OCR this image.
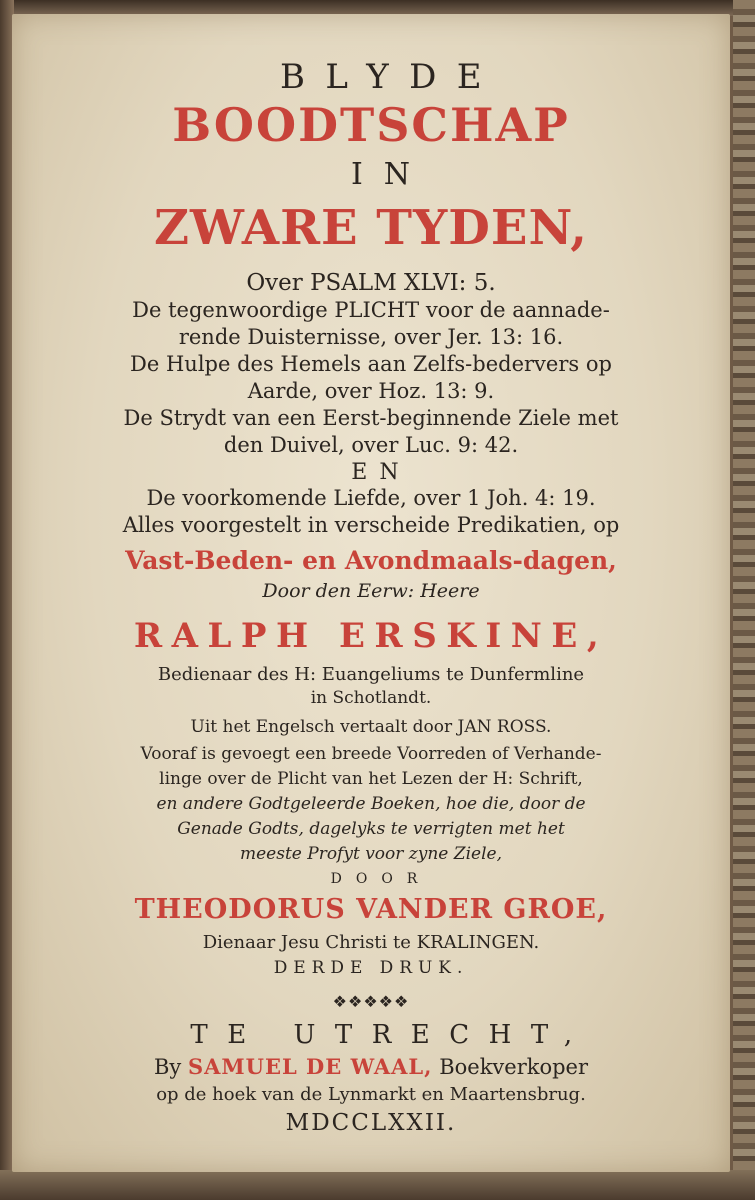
BLYDE
BOODTSCHAP
IN
ZWARE TYDEN,
Over PSALM XLVI: 5.
De tegenwoordige PLICHT voor de aannade-
rende Duisternisse, over Jer. 13: 16.
De Hulpe des Hemels aan Zelfs-bedervers op
Aarde, over Hoz. 13: 9.
De Strydt van een Eerst-beginnende Ziele met
den Duivel, over Luc. 9: 42.
EN
De voorkomende Liefde, over 1 Joh. 4: 19.
Alles voorgestelt in verscheide Predikatien, op
Vast-Beden- en Avondmaals-dagen,
Door den Eerw: Heere
RALPH ERSKINE,
Bedienaar des H: Euangeliums te Dunfermline
in Schotlandt.
Uit het Engelsch vertaalt door JAN ROSS.
Vooraf is gevoegt een breede Voorreden of Verhande-
linge over de Plicht van het Lezen der H: Schrift,
en andere Godtgeleerde Boeken, hoe die, door de
Genade Godts, dagelyks te verrigten met het
meeste Profyt voor zyne Ziele,
DOOR
THEODORUS VANDER GROE,
Dienaar Jesu Christi te KRALINGEN.
DERDE DRUK.
❖❖❖❖❖
TE UTRECHT,
By SAMUEL DE WAAL, Boekverkoper
op de hoek van de Lynmarkt en Maartensbrug.
MDCCLXXII.
